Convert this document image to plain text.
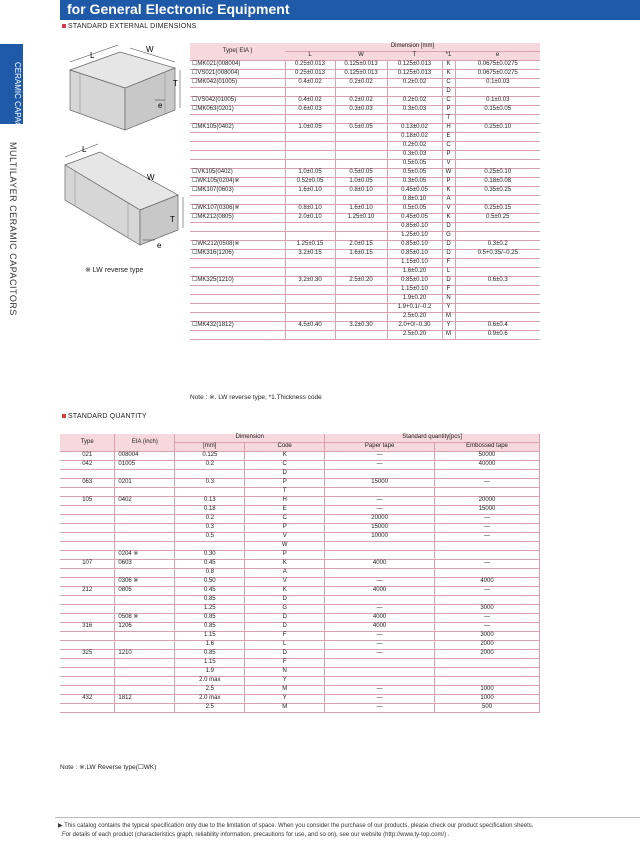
for General Electronic Equipment
STANDARD EXTERNAL DIMENSIONS
MULTILAYER CERAMIC CAPACITORS
L
W
T
e
L
W
T
e
※ LW reverse type
Type( EIA )	Dimension [mm]				
	L	W	T	*1	e
☐MK021(008004)	0.25±0.013	0.125±0.013	0.125±0.013	K	0.0675±0.0275
☐VS021(008004)	0.25±0.013	0.125±0.013	0.125±0.013	K	0.0675±0.0275
☐MK042(01005)	0.4±0.02	0.2±0.02	0.2±0.02	C	0.1±0.03
				D	
☐VS042(01005)	0.4±0.02	0.2±0.02	0.2±0.02	C	0.1±0.03
☐MK063(0201)	0.6±0.03	0.3±0.03	0.3±0.03	P	0.15±0.05
				T	
☐MK105(0402)	1.0±0.05	0.5±0.05	0.13±0.02	H	0.25±0.10
			0.18±0.02	E	
			0.2±0.02	C	
			0.3±0.03	P	
			0.5±0.05	V	
☐VK105(0402)	1.0±0.05	0.5±0.05	0.5±0.05	W	0.25±0.10
☐WK105(0204)※	0.52±0.05	1.0±0.05	0.3±0.05	P	0.18±0.08
☐MK107(0603)	1.6±0.10	0.8±0.10	0.45±0.05	K	0.35±0.25
			0.8±0.10	A	
☐WK107(0306)※	0.8±0.10	1.6±0.10	0.5±0.05	V	0.25±0.15
☐MK212(0805)	2.0±0.10	1.25±0.10	0.45±0.05	K	0.5±0.25
			0.85±0.10	D	
			1.25±0.10	G	
☐WK212(0508)※	1.25±0.15	2.0±0.15	0.85±0.10	D	0.3±0.2
☐MK316(1206)	3.2±0.15	1.6±0.15	0.85±0.10	D	0.5+0.35/−0.25
			1.15±0.10	F	
			1.6±0.20	L	
☐MK325(1210)	3.2±0.30	2.5±0.20	0.85±0.10	D	0.6±0.3
			1.15±0.10	F	
			1.9±0.20	N	
			1.9+0.1/−0.2	Y	
			2.5±0.20	M	
☐MK432(1812)	4.5±0.40	3.2±0.30	2.0+0/−0.30	Y	0.6±0.4
			2.5±0.20	M	0.9±0.6
Note : ※. LW reverse type, *1.Thickness code
STANDARD QUANTITY
Type	EIA (inch)	Dimension		Standard quantity[pcs]	
		[mm]	Code	Paper tape	Embossed tape
021	008004	0.125	K	—	50000
042	01005	0.2	C	—	40000
			D		
063	0201	0.3	P	15000	—
			T		
105	0402	0.13	H	—	20000
		0.18	E	—	15000
		0.2	C	20000	—
		0.3	P	15000	—
		0.5	V	10000	—
			W		
	0204 ※	0.30	P		
107	0603	0.45	K	4000	—
		0.8	A		
	0306 ※	0.50	V	—	4000
212	0805	0.45	K	4000	—
		0.85	D		
		1.25	G	—	3000
	0508 ※	0.85	D	4000	—
316	1206	0.85	D	4000	—
		1.15	F	—	3000
		1.6	L	—	2000
325	1210	0.85	D	—	2000
		1.15	F		
		1.9	N		
		2.0 max	Y		
		2.5	M	—	1000
432	1812	2.0 max	Y	—	1000
		2.5	M	—	500
Note : ※.LW Reverse type(☐WK)
▶ This catalog contains the typical specification only due to the limitation of space. When you consider the purchase of our products, please check our product specification sheets.
For details of each product (characteristics graph, reliability information, precautions for use, and so on), see our website (http://www.ty-top.com/) .
